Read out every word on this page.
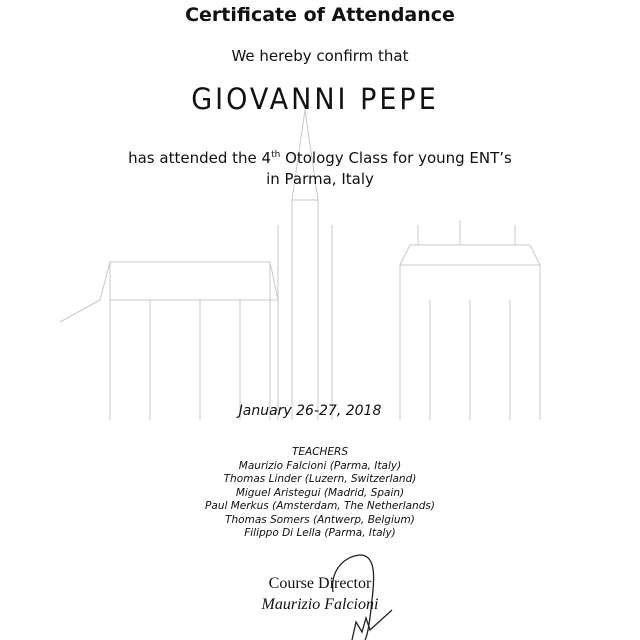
Certificate of Attendance
We hereby confirm that
GIOVANNI PEPE
has attended the 4th Otology Class for young ENT’s
in Parma, Italy
January 26-27, 2018
TEACHERS
Maurizio Falcioni (Parma, Italy)
Thomas Linder (Luzern, Switzerland)
Miguel Aristegui (Madrid, Spain)
Paul Merkus (Amsterdam, The Netherlands)
Thomas Somers (Antwerp, Belgium)
Filippo Di Lella (Parma, Italy)
Course Director
Maurizio Falcioni
